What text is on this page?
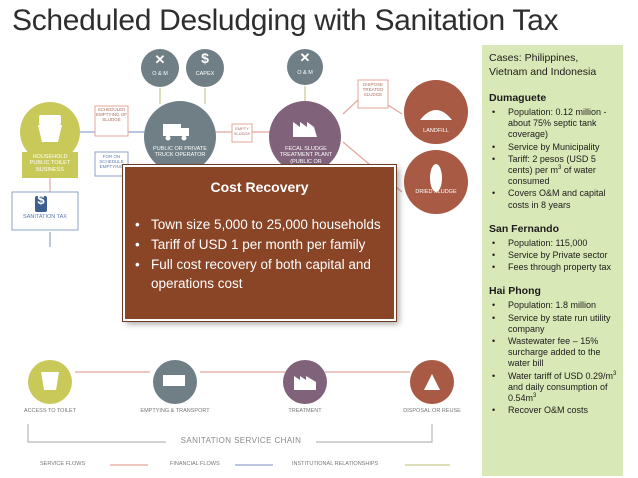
Scheduled Desludging with Sanitation Tax
O & M	CAPEX	O & M
✕	$	✕
$
HOUSEHOLD PUBLIC TOILET BUSINESS
SCHEDULED EMPTYING OF SLUDGE
FOR ON SCHEDULE EMPTYING
PUBLIC OR PRIVATE TRUCK OPERATOR
EMPTY SLUDGE
FECAL SLUDGE TREATMENT PLANT (PUBLIC OR
DISPOSE TREATED SLUDGE
LANDFILL
DRIED SLUDGE
SANITATION TAX
ACCESS TO TOILET	EMPTYING & TRANSPORT	TREATMENT	DISPOSAL OR REUSE
SANITATION SERVICE CHAIN
SERVICE FLOWS	FINANCIAL FLOWS	INSTITUTIONAL RELATIONSHIPS
Cost Recovery
• Town size 5,000 to 25,000 households
• Tariff of USD 1 per month per family
• Full cost recovery of both capital and operations cost
Cases: Philippines, Vietnam and Indonesia
Dumaguete
• Population: 0.12 million - about 75% septic tank coverage)
• Service by Municipality
• Tariff: 2 pesos (USD 5 cents) per $m^3$ of water consumed
• Covers O&M and capital costs in 8 years
San Fernando
• Population: 115,000
• Service by Private sector
• Fees through property tax
Hai Phong
• Population: 1.8 million
• Service by state run utility company
• Wastewater fee – 15% surcharge added to the water bill
• Water tariff of USD $0.29/m^3$ and daily consumption of $0.54m^3$
• Recover O&M costs
